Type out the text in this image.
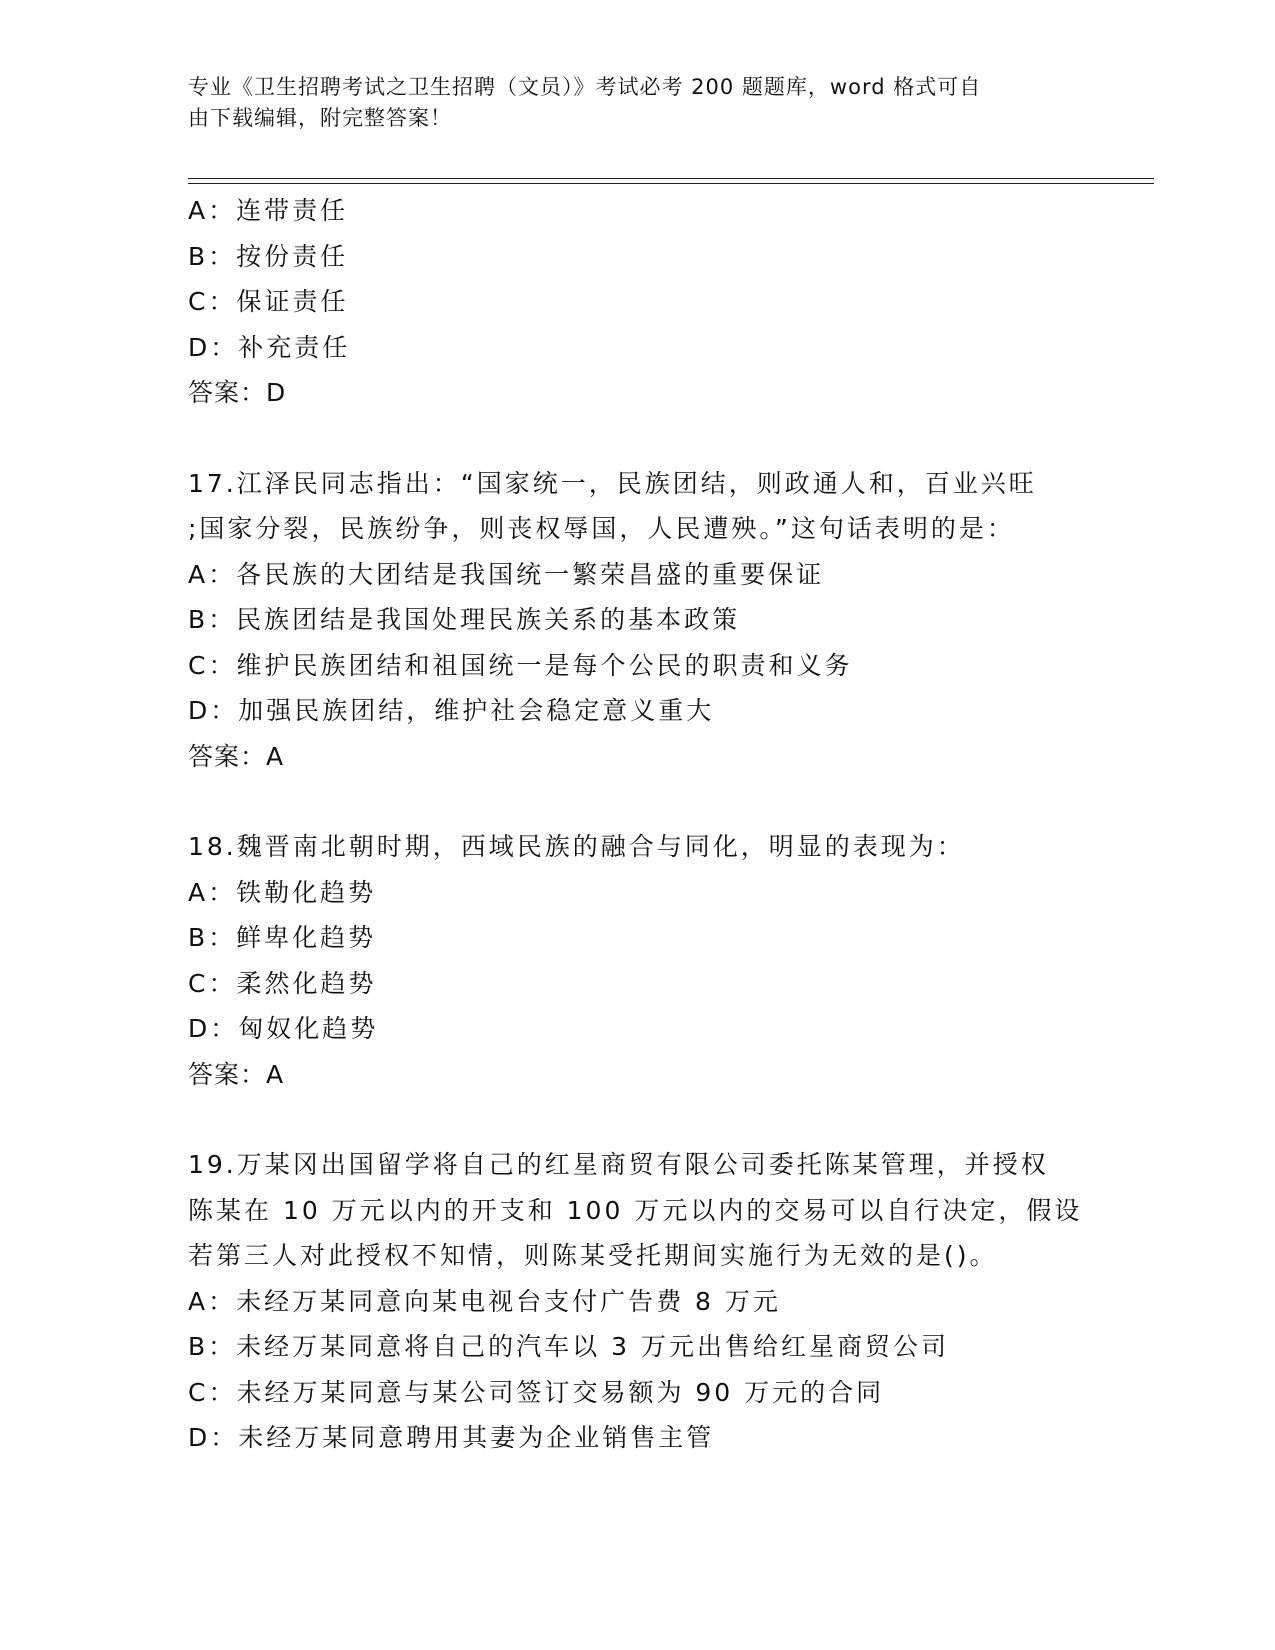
专业《卫生招聘考试之卫生招聘（文员）》考试必考 200 题题库，word 格式可自
由下载编辑，附完整答案！
A：连带责任
B：按份责任
C：保证责任
D：补充责任
答案：D
17.江泽民同志指出：“国家统一，民族团结，则政通人和，百业兴旺
;国家分裂，民族纷争，则丧权辱国，人民遭殃。”这句话表明的是：
A：各民族的大团结是我国统一繁荣昌盛的重要保证
B：民族团结是我国处理民族关系的基本政策
C：维护民族团结和祖国统一是每个公民的职责和义务
D：加强民族团结，维护社会稳定意义重大
答案：A
18.魏晋南北朝时期，西域民族的融合与同化，明显的表现为：
A：铁勒化趋势
B：鲜卑化趋势
C：柔然化趋势
D：匈奴化趋势
答案：A
19.万某冈出国留学将自己的红星商贸有限公司委托陈某管理，并授权
陈某在 10 万元以内的开支和 100 万元以内的交易可以自行决定，假设
若第三人对此授权不知情，则陈某受托期间实施行为无效的是()。
A：未经万某同意向某电视台支付广告费 8 万元
B：未经万某同意将自己的汽车以 3 万元出售给红星商贸公司
C：未经万某同意与某公司签订交易额为 90 万元的合同
D：未经万某同意聘用其妻为企业销售主管
